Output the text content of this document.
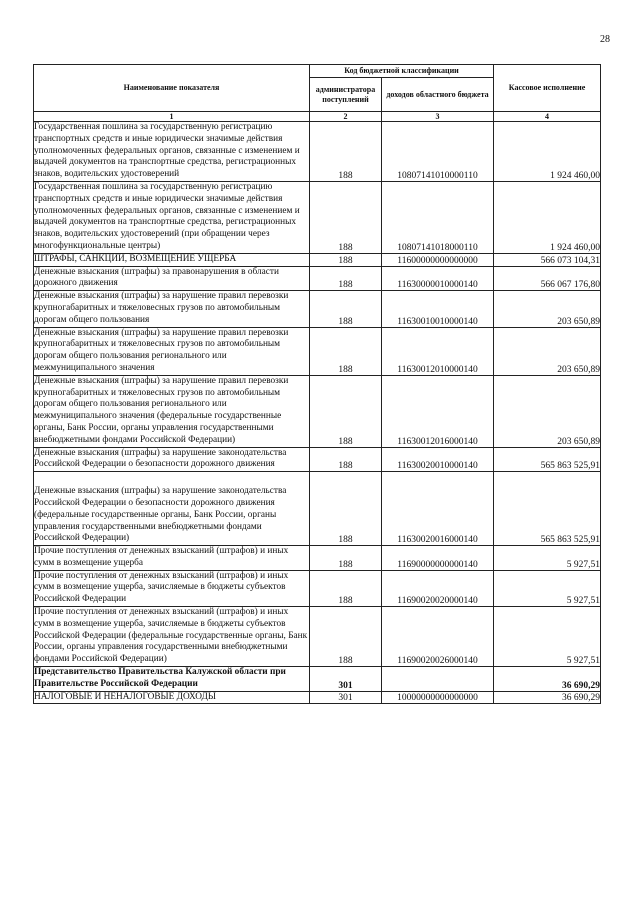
28
Наименование показателя	Код бюджетной классификации		Кассовое исполнение
	администратора поступлений	доходов областного бюджета	
1	2	3	4
Государственная пошлина за государственную регистрацию транспортных средств и иные юридически значимые действия уполномоченных федеральных органов, связанные с изменением и выдачей документов на транспортные средства, регистрационных знаков, водительских удостоверений	188	10807141010000110	1 924 460,00
Государственная пошлина за государственную регистрацию транспортных средств и иные юридически значимые действия уполномоченных федеральных органов, связанные с изменением и выдачей документов на транспортные средства, регистрационных знаков, водительских удостоверений (при обращении через многофункциональные центры)	188	10807141018000110	1 924 460,00
ШТРАФЫ, САНКЦИИ, ВОЗМЕЩЕНИЕ УЩЕРБА	188	11600000000000000	566 073 104,31
Денежные взыскания (штрафы) за правонарушения в области дорожного движения	188	11630000010000140	566 067 176,80
Денежные взыскания (штрафы) за нарушение правил перевозки крупногабаритных и тяжеловесных грузов по автомобильным дорогам общего пользования	188	11630010010000140	203 650,89
Денежные взыскания (штрафы) за нарушение правил перевозки крупногабаритных и тяжеловесных грузов по автомобильным дорогам общего пользования регионального или межмуниципального значения	188	11630012010000140	203 650,89
Денежные взыскания (штрафы) за нарушение правил перевозки крупногабаритных и тяжеловесных грузов по автомобильным дорогам общего пользования регионального или межмуниципального значения (федеральные государственные органы, Банк России, органы управления государственными внебюджетными фондами Российской Федерации)	188	11630012016000140	203 650,89
Денежные взыскания (штрафы) за нарушение законодательства Российской Федерации о безопасности дорожного движения	188	11630020010000140	565 863 525,91
Денежные взыскания (штрафы) за нарушение законодательства Российской Федерации о безопасности дорожного движения (федеральные государственные органы, Банк России, органы управления государственными внебюджетными фондами Российской Федерации)	188	11630020016000140	565 863 525,91
Прочие поступления от денежных взысканий (штрафов) и иных сумм в возмещение ущерба	188	11690000000000140	5 927,51
Прочие поступления от денежных взысканий (штрафов) и иных сумм в возмещение ущерба, зачисляемые в бюджеты субъектов Российской Федерации	188	11690020020000140	5 927,51
Прочие поступления от денежных взысканий (штрафов) и иных сумм в возмещение ущерба, зачисляемые в бюджеты субъектов Российской Федерации (федеральные государственные органы, Банк России, органы управления государственными внебюджетными фондами Российской Федерации)	188	11690020026000140	5 927,51
Представительство Правительства Калужской области при Правительстве Российской Федерации	301		36 690,29
НАЛОГОВЫЕ И НЕНАЛОГОВЫЕ ДОХОДЫ	301	10000000000000000	36 690,29
